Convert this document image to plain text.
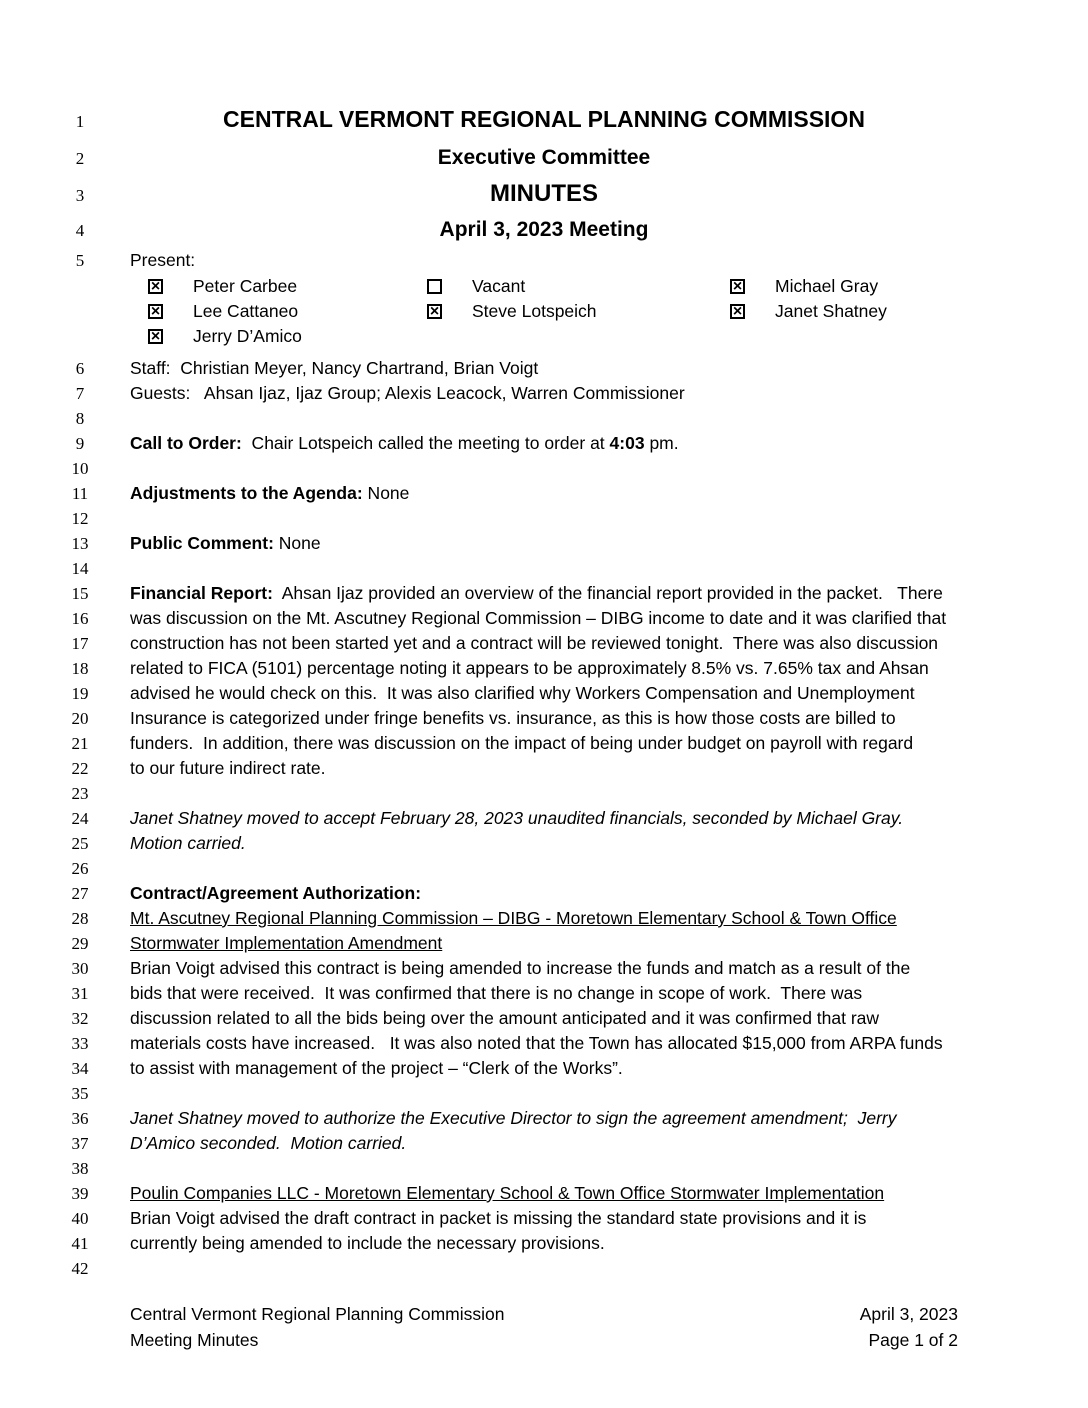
1	CENTRAL VERMONT REGIONAL PLANNING COMMISSION
2	Executive Committee
3	MINUTES
4	April 3, 2023 Meeting
5	Present:
× Peter Carbee	Vacant	× Michael Gray
× Lee Cattaneo	× Steve Lotspeich	× Janet Shatney
× Jerry D’Amico
6	Staff:  Christian Meyer, Nancy Chartrand, Brian Voigt
7	Guests:   Ahsan Ijaz, Ijaz Group; Alexis Leacock, Warren Commissioner
8
9	Call to Order:  Chair Lotspeich called the meeting to order at 4:03 pm.
10
11	Adjustments to the Agenda: None
12
13	Public Comment: None
14
15	Financial Report:  Ahsan Ijaz provided an overview of the financial report provided in the packet.   There
16	was discussion on the Mt. Ascutney Regional Commission – DIBG income to date and it was clarified that
17	construction has not been started yet and a contract will be reviewed tonight.  There was also discussion
18	related to FICA (5101) percentage noting it appears to be approximately 8.5% vs. 7.65% tax and Ahsan
19	advised he would check on this.  It was also clarified why Workers Compensation and Unemployment
20	Insurance is categorized under fringe benefits vs. insurance, as this is how those costs are billed to
21	funders.  In addition, there was discussion on the impact of being under budget on payroll with regard
22	to our future indirect rate.
23
24	Janet Shatney moved to accept February 28, 2023 unaudited financials, seconded by Michael Gray.
25	Motion carried.
26
27	Contract/Agreement Authorization:
28	Mt. Ascutney Regional Planning Commission – DIBG - Moretown Elementary School & Town Office
29	Stormwater Implementation Amendment
30	Brian Voigt advised this contract is being amended to increase the funds and match as a result of the
31	bids that were received.  It was confirmed that there is no change in scope of work.  There was
32	discussion related to all the bids being over the amount anticipated and it was confirmed that raw
33	materials costs have increased.   It was also noted that the Town has allocated $15,000 from ARPA funds
34	to assist with management of the project – “Clerk of the Works”.
35
36	Janet Shatney moved to authorize the Executive Director to sign the agreement amendment;  Jerry
37	D’Amico seconded.  Motion carried.
38
39	Poulin Companies LLC - Moretown Elementary School & Town Office Stormwater Implementation
40	Brian Voigt advised the draft contract in packet is missing the standard state provisions and it is
41	currently being amended to include the necessary provisions.
42
Central Vermont Regional Planning Commission
Meeting Minutes
April 3, 2023
Page 1 of 2
